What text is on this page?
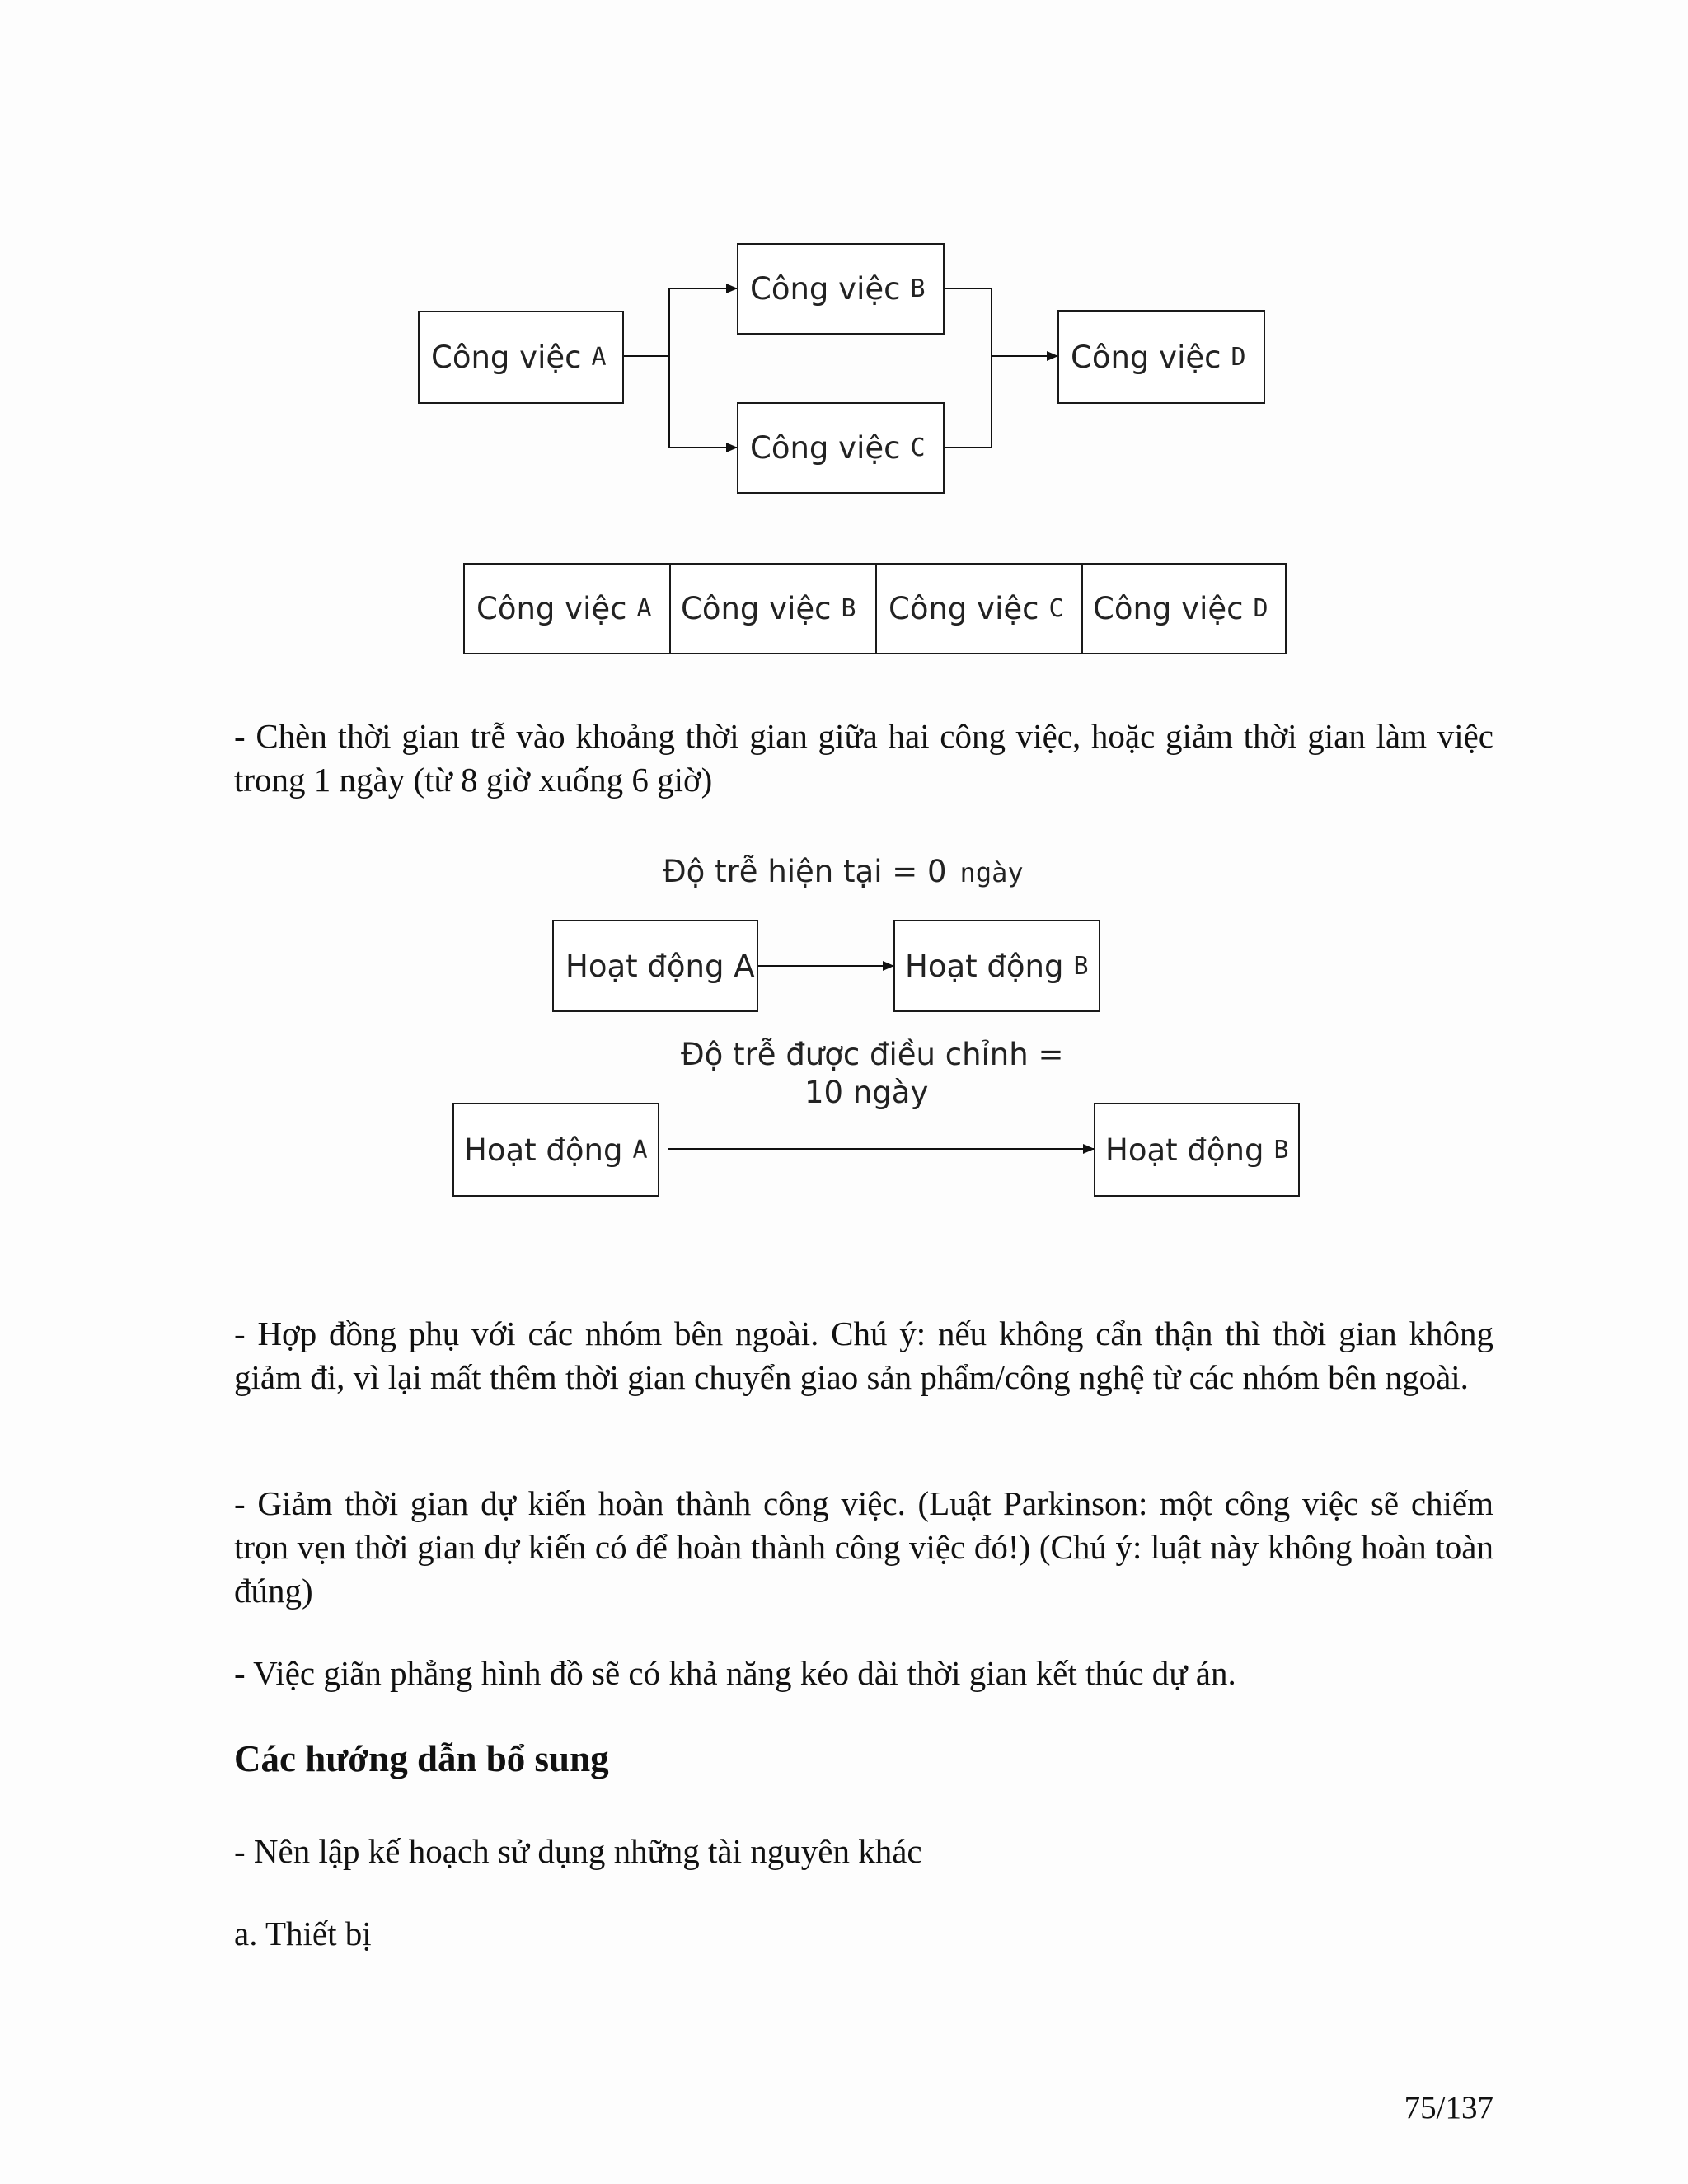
Công việc A
Công việc B
Công việc C
Công việc D
Công việc A Công việc B	Công việc C Công việc D
- Chèn thời gian trễ vào khoảng thời gian giữa hai công việc, hoặc giảm thời gian làm việc trong 1 ngày (từ 8 giờ xuống 6 giờ)
Độ trễ hiện tại = 0 ngày
Hoạt động A	Hoạt động B
Độ trễ được điều chỉnh =
10 ngày
Hoạt động A	Hoạt động B
- Hợp đồng phụ với các nhóm bên ngoài. Chú ý: nếu không cẩn thận thì thời gian không giảm đi, vì lại mất thêm thời gian chuyển giao sản phẩm/công nghệ từ các nhóm bên ngoài.
- Giảm thời gian dự kiến hoàn thành công việc. (Luật Parkinson: một công việc sẽ chiếm trọn vẹn thời gian dự kiến có để hoàn thành công việc đó!) (Chú ý: luật này không hoàn toàn đúng)
- Việc giãn phẳng hình đồ sẽ có khả năng kéo dài thời gian kết thúc dự án.
Các hướng dẫn bổ sung
- Nên lập kế hoạch sử dụng những tài nguyên khác
a. Thiết bị
75/137
